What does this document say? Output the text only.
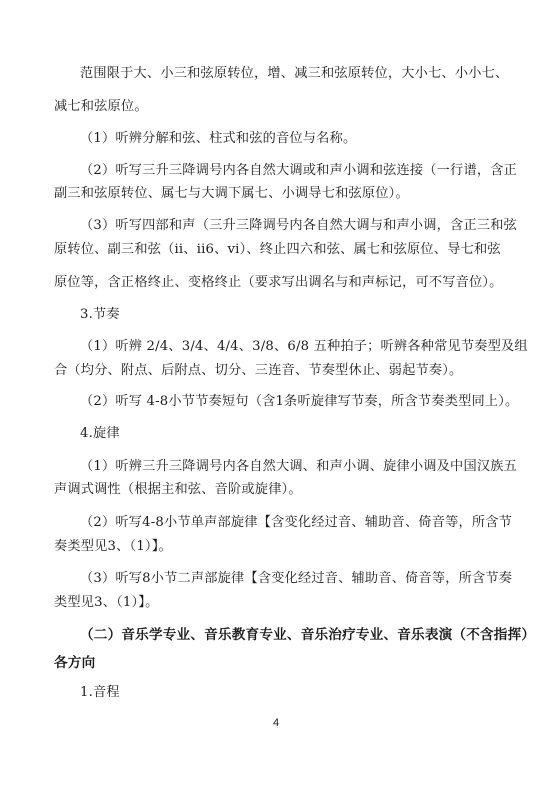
范围限于大、小三和弦原转位，增、减三和弦原转位，大小七、小小七、
减七和弦原位。
（1）听辨分解和弦、柱式和弦的音位与名称。
（2）听写三升三降调号内各自然大调或和声小调和弦连接（一行谱，含正
副三和弦原转位、属七与大调下属七、小调导七和弦原位）。
（3）听写四部和声（三升三降调号内各自然大调与和声小调，含正三和弦
原转位、副三和弦（ii、ii6、vi）、终止四六和弦、属七和弦原位、导七和弦
原位等，含正格终止、变格终止（要求写出调名与和声标记，可不写音位）。
3.节奏
（1）听辨 2/4、3/4、4/4、3/8、6/8 五种拍子；听辨各种常见节奏型及组
合（均分、附点、后附点、切分、三连音、节奏型休止、弱起节奏）。
（2）听写 4-8小节节奏短句（含1条听旋律写节奏，所含节奏类型同上）。
4.旋律
（1）听辨三升三降调号内各自然大调、和声小调、旋律小调及中国汉族五
声调式调性（根据主和弦、音阶或旋律）。
（2）听写4-8小节单声部旋律【含变化经过音、辅助音、倚音等，所含节
奏类型见3、（1）】。
（3）听写8小节二声部旋律【含变化经过音、辅助音、倚音等，所含节奏
类型见3、（1）】。
（二）音乐学专业、音乐教育专业、音乐治疗专业、音乐表演（不含指挥）
各方向
1.音程
4
